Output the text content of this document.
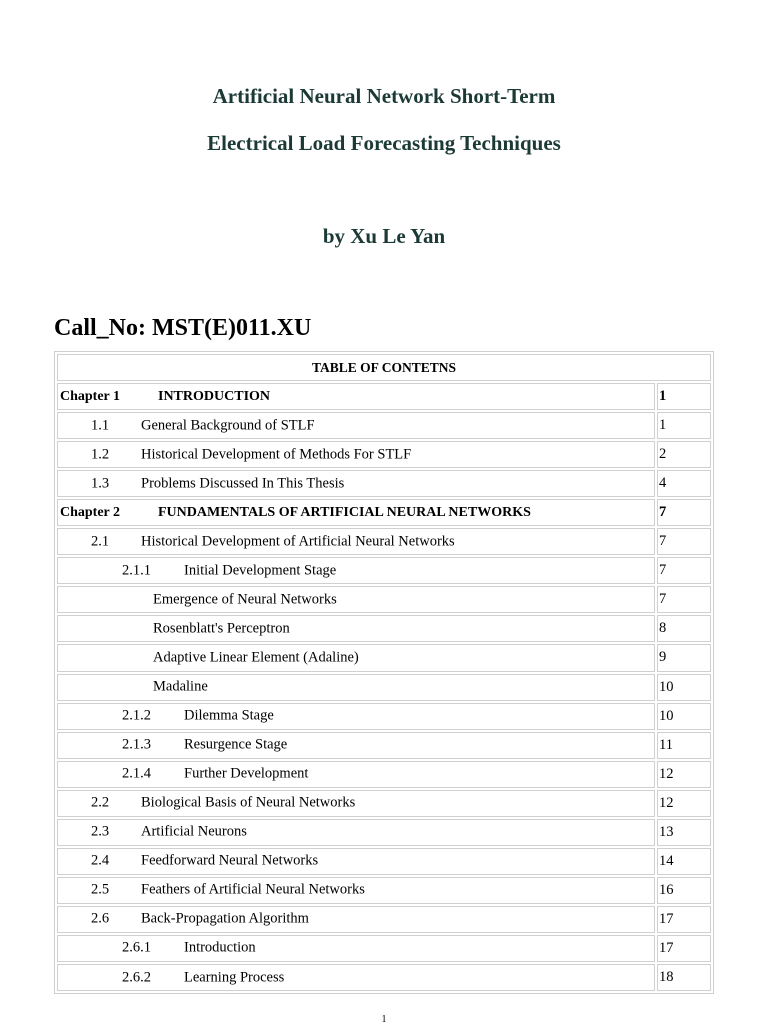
Artificial Neural Network Short-Term
Electrical Load Forecasting Techniques
by Xu Le Yan
Call_No: MST(E)011.XU
TABLE OF CONTETNS
Chapter 1	INTRODUCTION	1
1.1 General Background of STLF	1
1.2 Historical Development of Methods For STLF	2
1.3 Problems Discussed In This Thesis	4
Chapter 2	FUNDAMENTALS OF ARTIFICIAL NEURAL NETWORKS	7
2.1 Historical Development of Artificial Neural Networks	7
2.1.1 Initial Development Stage	7
Emergence of Neural Networks	7
Rosenblatt's Perceptron	8
Adaptive Linear Element (Adaline)	9
Madaline	10
2.1.2 Dilemma Stage	10
2.1.3 Resurgence Stage	11
2.1.4 Further Development	12
2.2 Biological Basis of Neural Networks	12
2.3 Artificial Neurons	13
2.4 Feedforward Neural Networks	14
2.5 Feathers of Artificial Neural Networks	16
2.6 Back-Propagation Algorithm	17
2.6.1 Introduction	17
2.6.2 Learning Process	18

1
